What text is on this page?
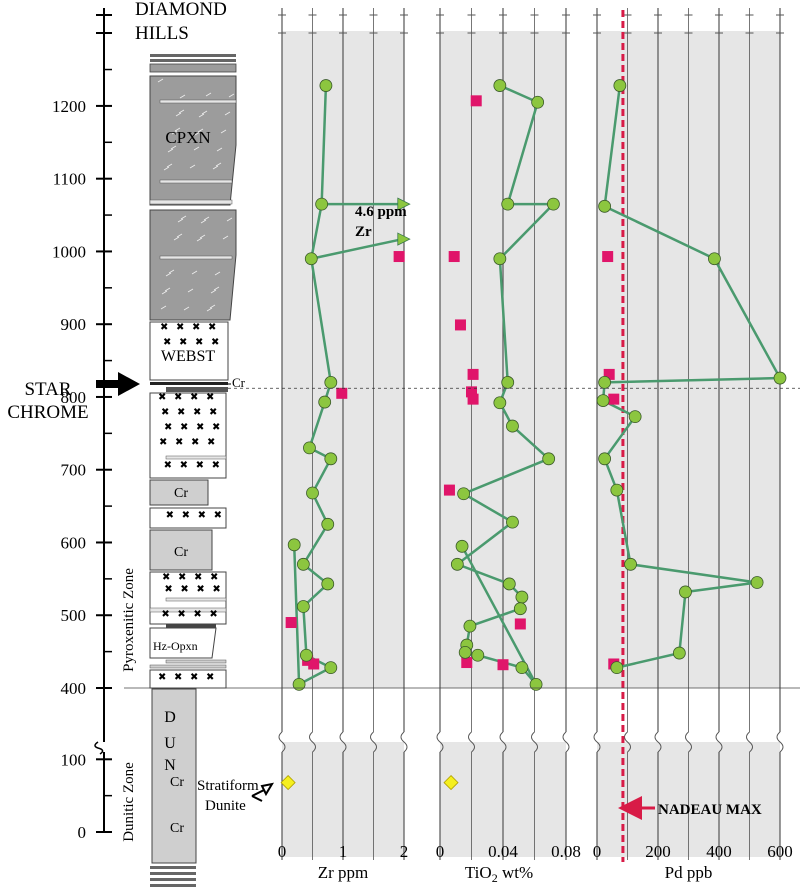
0
100
400
500
600
700
800
900
1000
1100
1200
DIAMOND
HILLS
STAR
CHROME
Pyroxenitic Zone
Dunitic Zone
CPXN
WEBST
Cr
Cr
Cr
Hz-Opxn
D
U
N
Cr
Cr
✖ ✖ ✖ ✖
✖ ✖ ✖ ✖
✖ ✖ ✖ ✖
✖ ✖ ✖ ✖
✖ ✖ ✖ ✖
✖ ✖ ✖ ✖
✖ ✖ ✖ ✖
✖ ✖ ✖ ✖
✖ ✖ ✖ ✖
✖ ✖ ✖ ✖
✖ ✖ ✖ ✖
✖ ✖ ✖ ✖
Stratiform
Dunite
0	1	2
Zr ppm
4.6 ppm
Zr
0	0.04 0.08
TiO$_2$ wt%
0	200 400 600
Pd ppb
NADEAU MAX
